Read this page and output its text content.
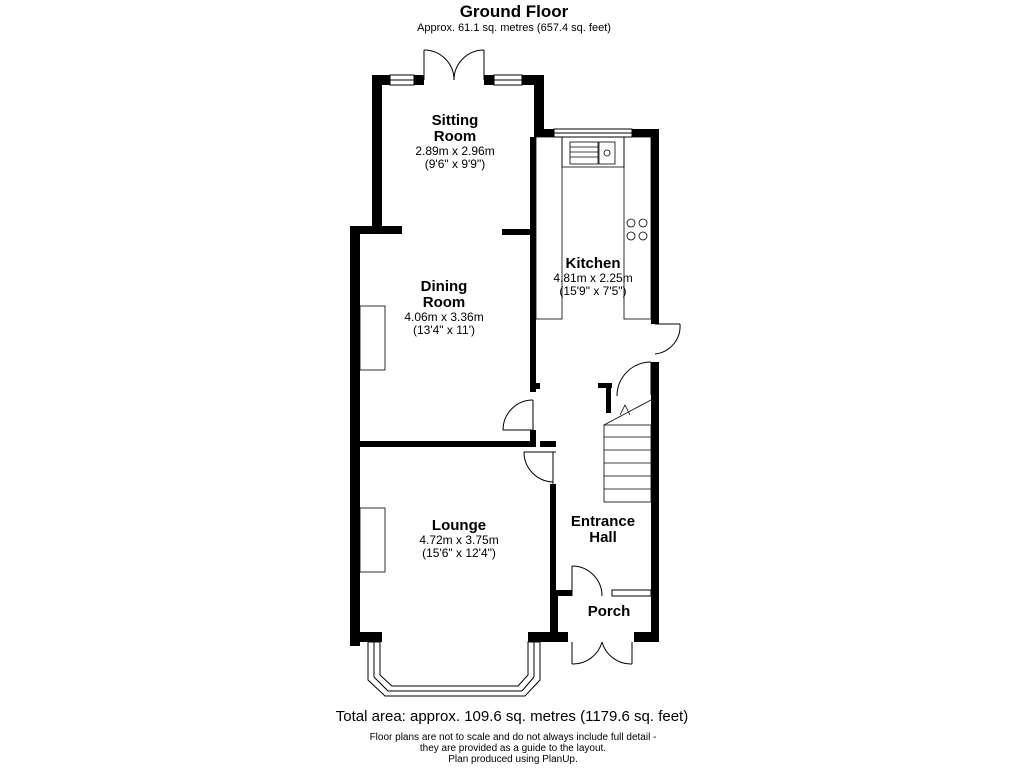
Ground Floor
Approx. 61.1 sq. metres (657.4 sq. feet)
Sitting
Room
2.89m x 2.96m
(9'6" x 9'9")
Dining
Room
4.06m x 3.36m
(13'4" x 11')
Kitchen
4.81m x 2.25m
(15'9" x 7'5")
Lounge
4.72m x 3.75m
(15'6" x 12'4")
Entrance
Hall
Porch
Total area: approx. 109.6 sq. metres (1179.6 sq. feet)
Floor plans are not to scale and do not always include full detail -
they are provided as a guide to the layout.
Plan produced using PlanUp.
